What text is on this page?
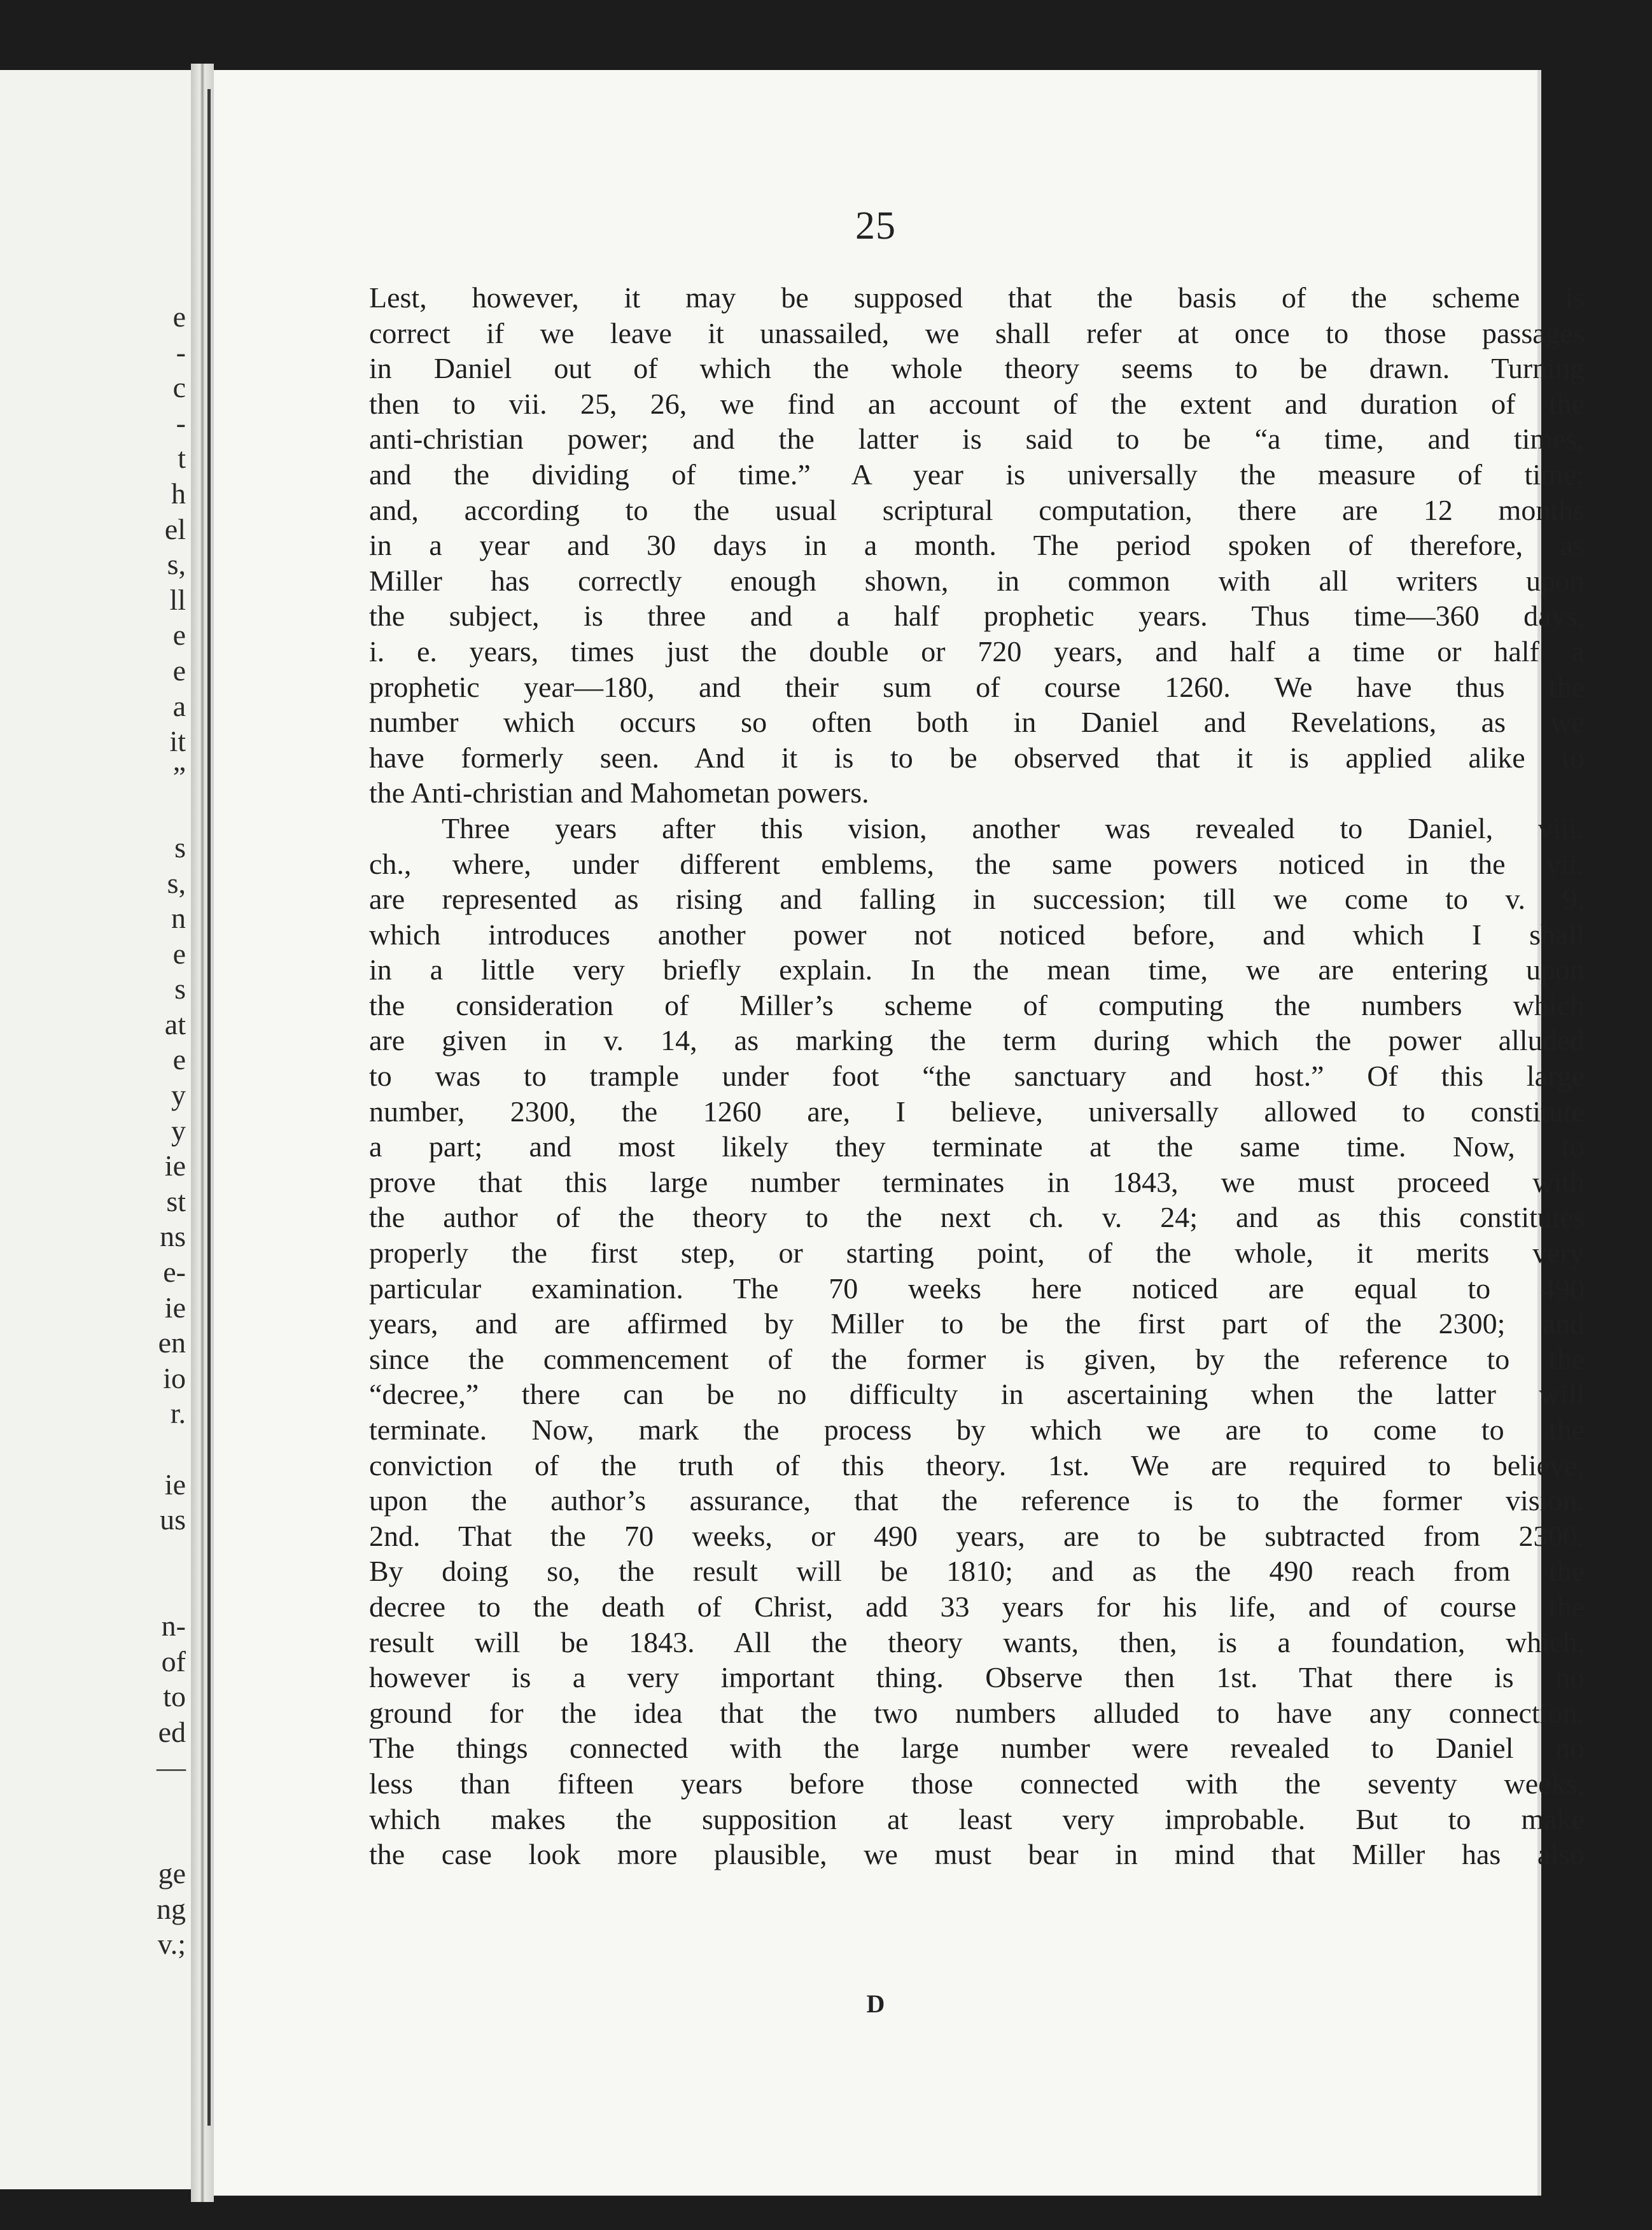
e
-
c
-
t
h
el
s,
ll
e
e
a
it
”
s
s,
n
e
s
at
e
y
y
ie
st
ns
e-
ie
en
io
r.
ie
us
n-
of
to
ed
—
ge
ng
v.;
25
Lest, however, it may be supposed that the basis of the scheme is
correct if we leave it unassailed, we shall refer at once to those passages
in Daniel out of which the whole theory seems to be drawn. Turning
then to vii. 25, 26, we find an account of the extent and duration of the
anti-christian power; and the latter is said to be “a time, and times,
and the dividing of time.” A year is universally the measure of time;
and, according to the usual scriptural computation, there are 12 months
in a year and 30 days in a month. The period spoken of therefore, as
Miller has correctly enough shown, in common with all writers upon
the subject, is three and a half prophetic years. Thus time—360 days,
i. e. years, times just the double or 720 years, and half a time or half a
prophetic year—180, and their sum of course 1260. We have thus the
number which occurs so often both in Daniel and Revelations, as we
have formerly seen. And it is to be observed that it is applied alike to
the Anti-christian and Mahometan powers.
Three years after this vision, another was revealed to Daniel, viii.
ch., where, under different emblems, the same powers noticed in the vii.
are represented as rising and falling in succession; till we come to v. 9,
which introduces another power not noticed before, and which I shall
in a little very briefly explain. In the mean time, we are entering upon
the consideration of Miller’s scheme of computing the numbers which
are given in v. 14, as marking the term during which the power alluded
to was to trample under foot “the sanctuary and host.” Of this large
number, 2300, the 1260 are, I believe, universally allowed to constitute
a part; and most likely they terminate at the same time. Now, to
prove that this large number terminates in 1843, we must proceed with
the author of the theory to the next ch. v. 24; and as this constitutes
properly the first step, or starting point, of the whole, it merits very
particular examination. The 70 weeks here noticed are equal to 490
years, and are affirmed by Miller to be the first part of the 2300; and
since the commencement of the former is given, by the reference to the
“decree,” there can be no difficulty in ascertaining when the latter will
terminate. Now, mark the process by which we are to come to the
conviction of the truth of this theory. 1st. We are required to believe,
upon the author’s assurance, that the reference is to the former vision.
2nd. That the 70 weeks, or 490 years, are to be subtracted from 2300.
By doing so, the result will be 1810; and as the 490 reach from the
decree to the death of Christ, add 33 years for his life, and of course the
result will be 1843. All the theory wants, then, is a foundation, which,
however is a very important thing. Observe then 1st. That there is no
ground for the idea that the two numbers alluded to have any connection.
The things connected with the large number were revealed to Daniel no
less than fifteen years before those connected with the seventy weeks,
which makes the supposition at least very improbable. But to make
the case look more plausible, we must bear in mind that Miller has also
D
